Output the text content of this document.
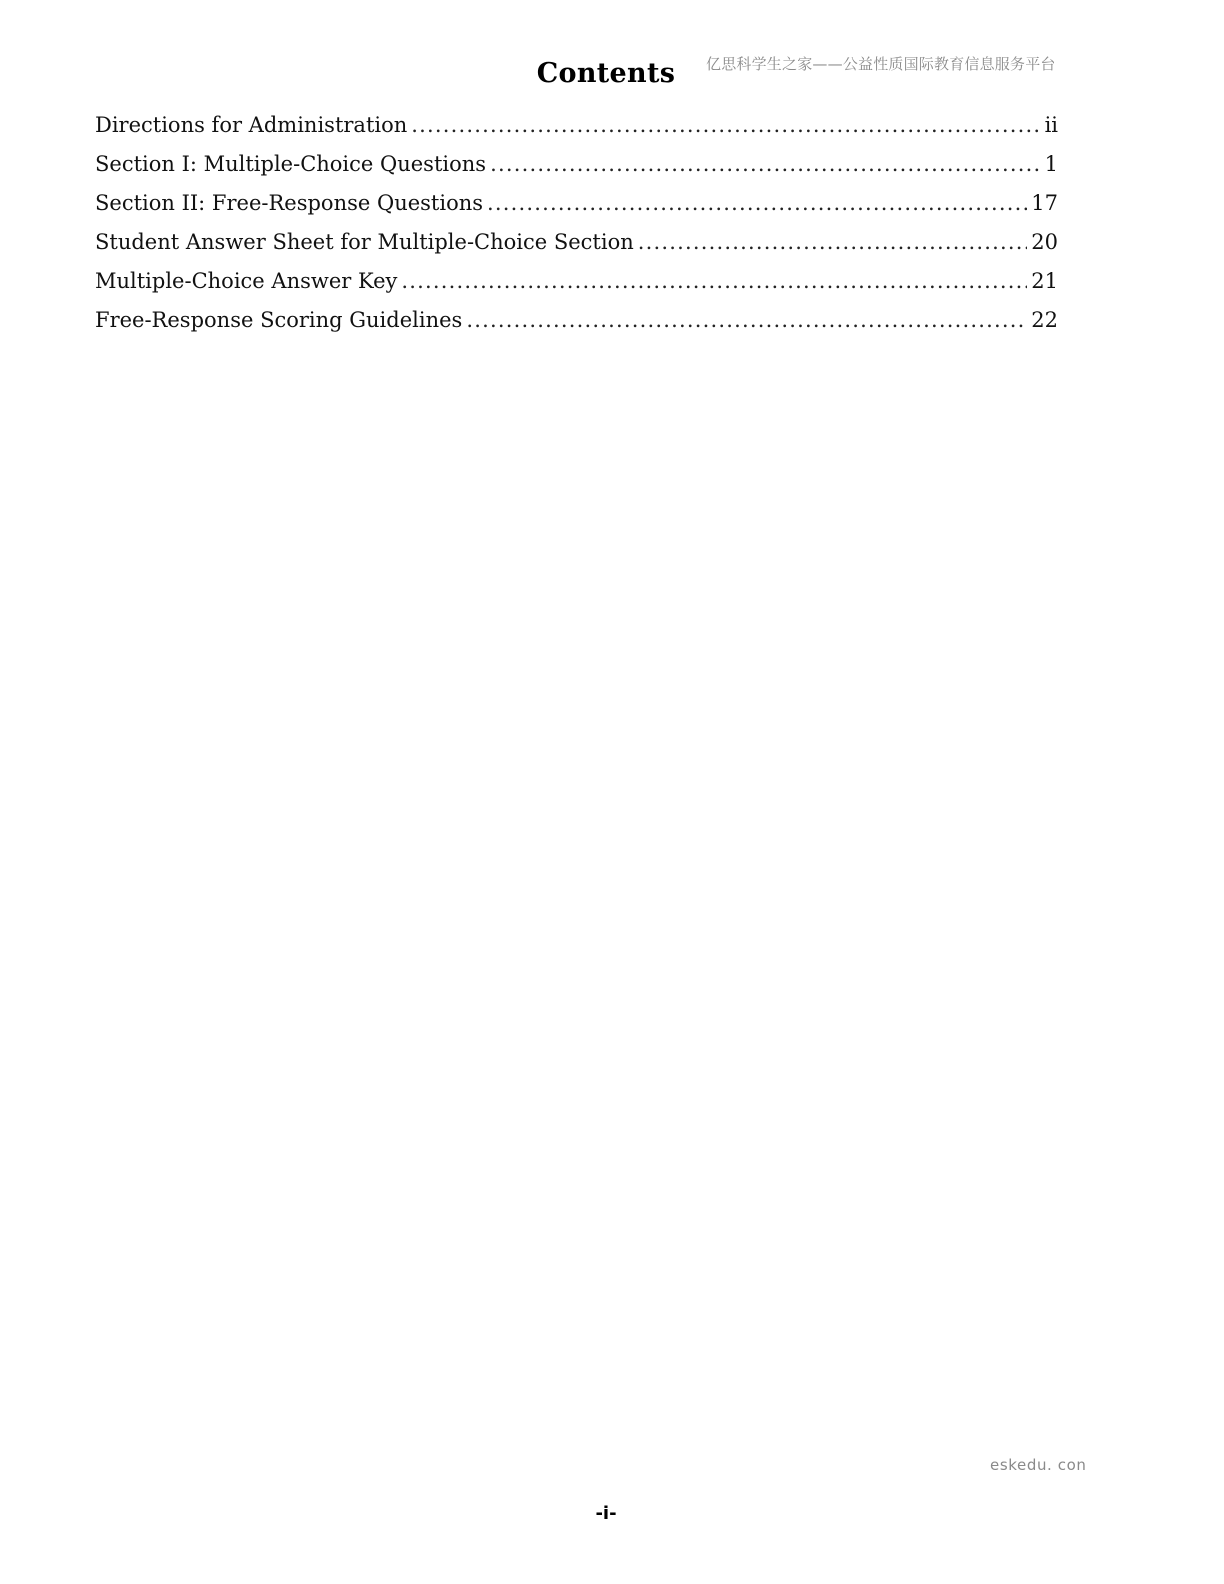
亿思科学生之家——公益性质国际教育信息服务平台
Contents
Directions for Administration .....	ii
Section I: Multiple-Choice Questions .....	1
Section II: Free-Response Questions .....	17
Student Answer Sheet for Multiple-Choice Section .....	20
Multiple-Choice Answer Key .....	21
Free-Response Scoring Guidelines .....	22
eskedu. con
-i-
